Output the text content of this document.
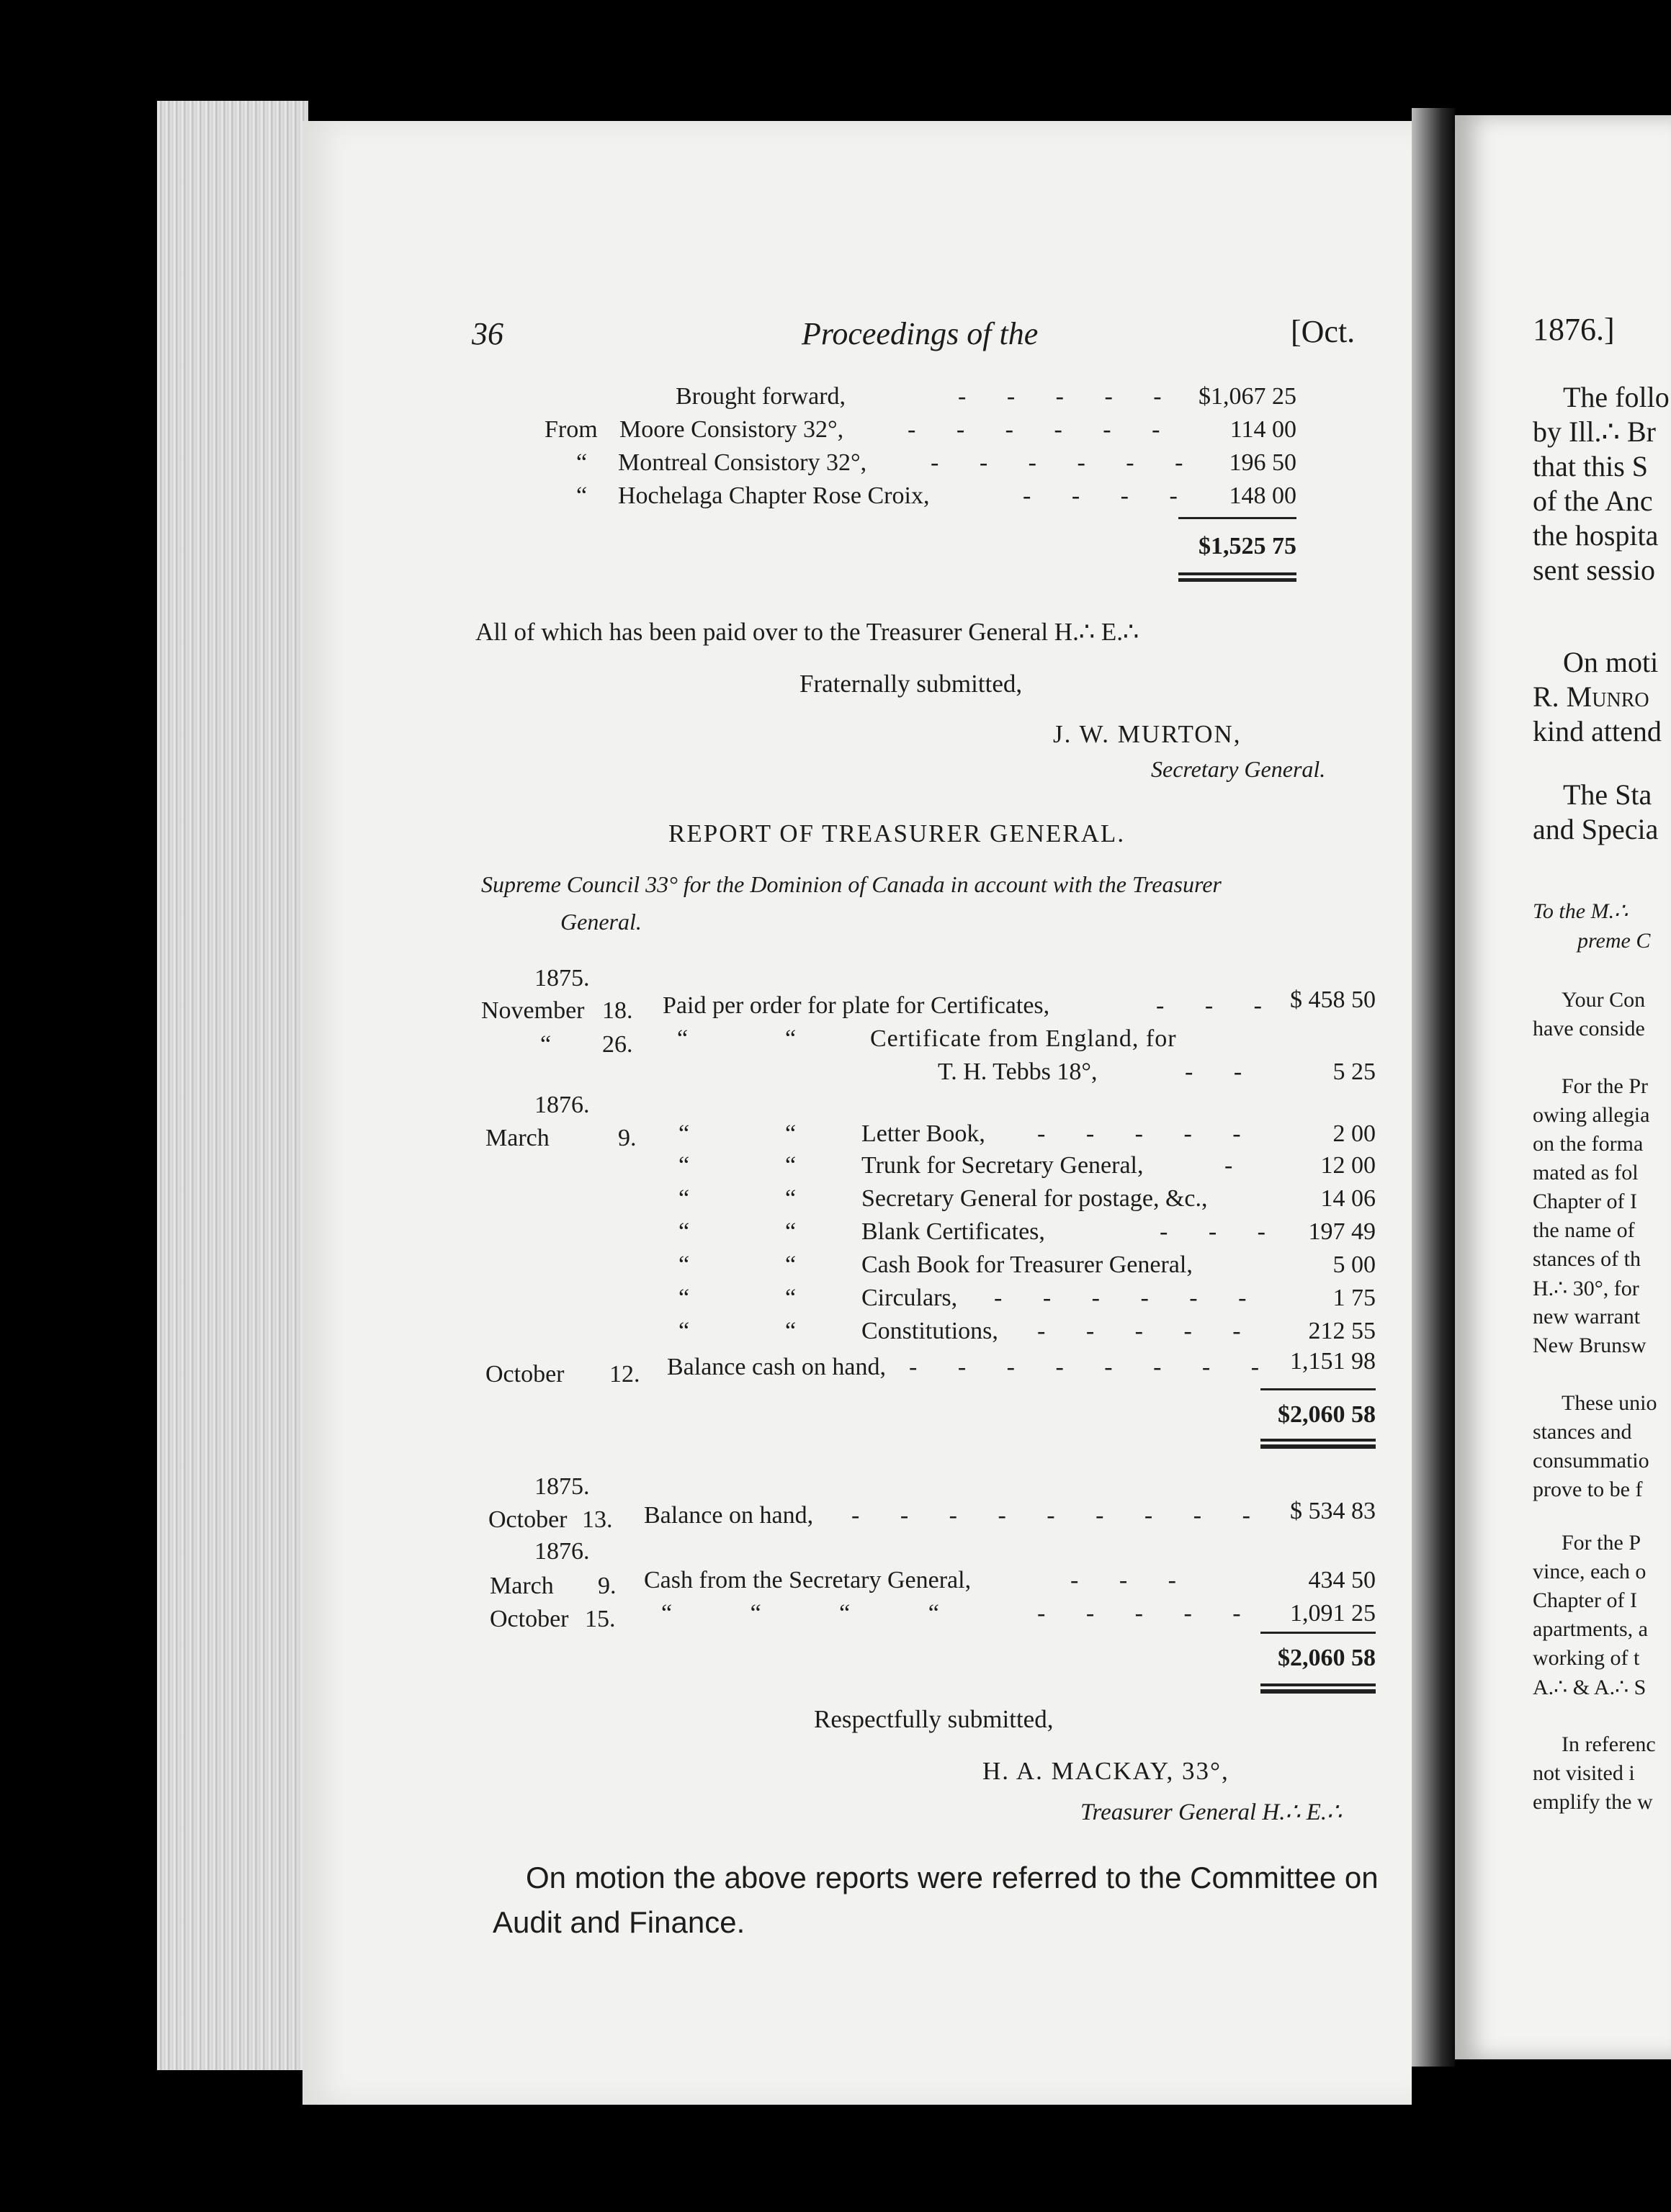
36	Proceedings of the	[Oct.
Brought forward,	- - - - - $1,067 25
From Moore Consistory 32°,	- - - - - -	114 00
“ Montreal Consistory 32°,	- - - - - -	196 50
“ Hochelaga Chapter Rose Croix,	- - - -	148 00
$1,525 75
All of which has been paid over to the Treasurer General H.∴ E.∴
Fraternally submitted,
J. W. MURTON,
Secretary General.
REPORT OF TREASURER GENERAL.
Supreme Council 33° for the Dominion of Canada in account with the Treasurer
General.
1875.
November 18. Paid per order for plate for Certificates,	- - - $ 458 50
“ 26. “	“	Certificate from England, for
T. H. Tebbs 18°,	- -	5 25
1876.
March	9. “	“	Letter Book, - - - - -	2 00
“	“	Trunk for Secretary General,	-	12 00
“	“	Secretary General for postage, &c.,	14 06
“	“	Blank Certificates,	- - -	197 49
“	“	Cash Book for Treasurer General,	5 00
“	“	Circulars, - - - - - -	1 75
“	“	Constitutions, - - - - -	212 55
October 12. Balance cash on hand, - - - - - - - - 1,151 98
$2,060 58
1875.
October 13. Balance on hand, - - - - - - - - - $ 534 83
1876.
March 9. Cash from the Secretary General,	- - -	434 50
October 15. “ “ “ “	- - - - -	1,091 25
$2,060 58
Respectfully submitted,
H. A. MACKAY, 33°,
Treasurer General H.∴ E.∴
On motion the above reports were referred to the Committee on
Audit and Finance.
1876.]
The follo
by Ill.∴ Br
that this S
of the Anc
the hospita
sent sessio
On moti
R. Munro
kind attend
The Sta
and Specia
To the M.∴
preme C
Your Con
have conside
For the Pr
owing allegia
on the forma
mated as fol
Chapter of I
the name of
stances of th
H.∴ 30°, for
new warrant
New Brunsw
These unio
stances and
consummatio
prove to be f
For the P
vince, each o
Chapter of I
apartments, a
working of t
A.∴ & A.∴ S
In referenc
not visited i
emplify the w
